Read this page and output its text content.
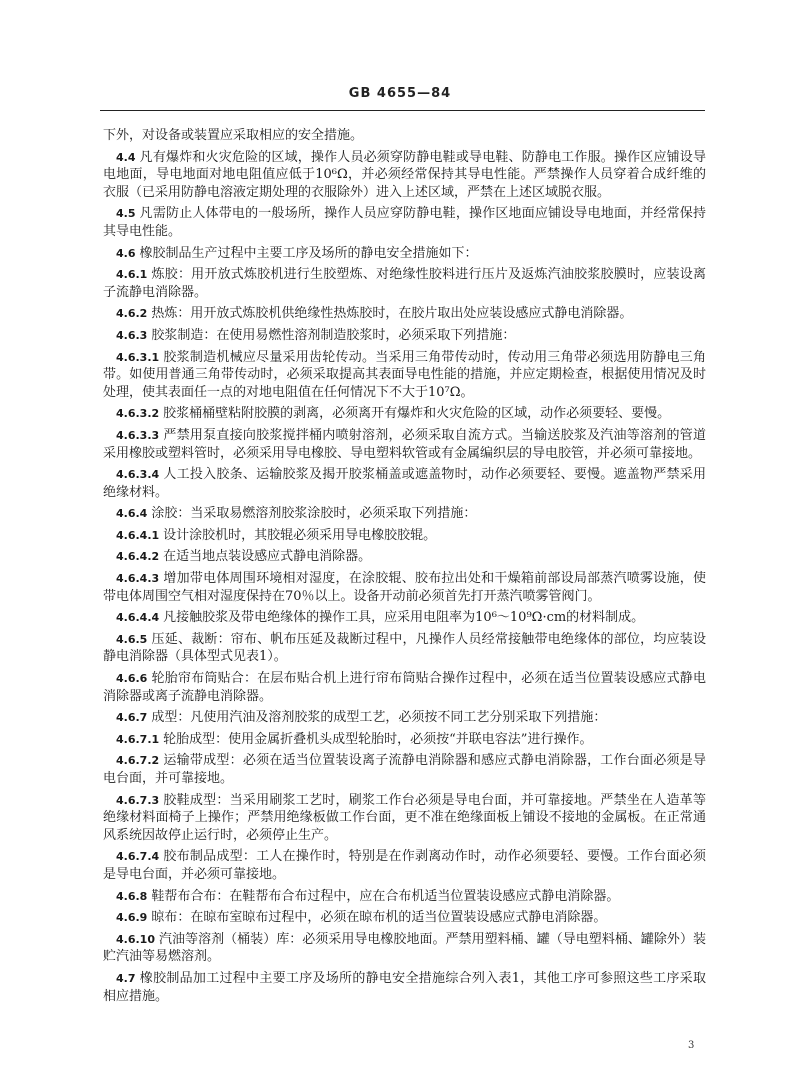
GB 4655—84

下外，对设备或装置应采取相应的安全措施。

4.4 凡有爆炸和火灾危险的区域，操作人员必须穿防静电鞋或导电鞋、防静电工作服。操作区应铺设导电地面，导电地面对地电阻值应低于10⁶Ω，并必须经常保持其导电性能。严禁操作人员穿着合成纤维的衣服（已采用防静电溶液定期处理的衣服除外）进入上述区域，严禁在上述区域脱衣服。

4.5 凡需防止人体带电的一般场所，操作人员应穿防静电鞋，操作区地面应铺设导电地面，并经常保持其导电性能。

4.6 橡胶制品生产过程中主要工序及场所的静电安全措施如下：

4.6.1 炼胶：用开放式炼胶机进行生胶塑炼、对绝缘性胶料进行压片及返炼汽油胶浆胶膜时，应装设离子流静电消除器。

4.6.2 热炼：用开放式炼胶机供绝缘性热炼胶时，在胶片取出处应装设感应式静电消除器。

4.6.3 胶浆制造：在使用易燃性溶剂制造胶浆时，必须采取下列措施：

4.6.3.1 胶浆制造机械应尽量采用齿轮传动。当采用三角带传动时，传动用三角带必须选用防静电三角带。如使用普通三角带传动时，必须采取提高其表面导电性能的措施，并应定期检查，根据使用情况及时处理，使其表面任一点的对地电阻值在任何情况下不大于10⁷Ω。

4.6.3.2 胶浆桶桶壁粘附胶膜的剥离，必须离开有爆炸和火灾危险的区域，动作必须要轻、要慢。

4.6.3.3 严禁用泵直接向胶浆搅拌桶内喷射溶剂，必须采取自流方式。当输送胶浆及汽油等溶剂的管道采用橡胶或塑料管时，必须采用导电橡胶、导电塑料软管或有金属编织层的导电胶管，并必须可靠接地。

4.6.3.4 人工投入胶条、运输胶浆及揭开胶浆桶盖或遮盖物时，动作必须要轻、要慢。遮盖物严禁采用绝缘材料。

4.6.4 涂胶：当采取易燃溶剂胶浆涂胶时，必须采取下列措施：

4.6.4.1 设计涂胶机时，其胶辊必须采用导电橡胶胶辊。

4.6.4.2 在适当地点装设感应式静电消除器。

4.6.4.3 增加带电体周围环境相对湿度，在涂胶辊、胶布拉出处和干燥箱前部设局部蒸汽喷雾设施，使带电体周围空气相对湿度保持在70％以上。设备开动前必须首先打开蒸汽喷雾管阀门。

4.6.4.4 凡接触胶浆及带电绝缘体的操作工具，应采用电阻率为10⁶～10⁹Ω·cm的材料制成。

4.6.5 压延、裁断：帘布、帆布压延及裁断过程中，凡操作人员经常接触带电绝缘体的部位，均应装设静电消除器（具体型式见表1）。

4.6.6 轮胎帘布筒贴合：在层布贴合机上进行帘布筒贴合操作过程中，必须在适当位置装设感应式静电消除器或离子流静电消除器。

4.6.7 成型：凡使用汽油及溶剂胶浆的成型工艺，必须按不同工艺分别采取下列措施：

4.6.7.1 轮胎成型：使用金属折叠机头成型轮胎时，必须按“并联电容法”进行操作。

4.6.7.2 运输带成型：必须在适当位置装设离子流静电消除器和感应式静电消除器，工作台面必须是导电台面，并可靠接地。

4.6.7.3 胶鞋成型：当采用刷浆工艺时，刷浆工作台必须是导电台面，并可靠接地。严禁坐在人造革等绝缘材料面椅子上操作；严禁用绝缘板做工作台面，更不准在绝缘面板上铺设不接地的金属板。在正常通风系统因故停止运行时，必须停止生产。

4.6.7.4 胶布制品成型：工人在操作时，特别是在作剥离动作时，动作必须要轻、要慢。工作台面必须是导电台面，并必须可靠接地。

4.6.8 鞋帮布合布：在鞋帮布合布过程中，应在合布机适当位置装设感应式静电消除器。

4.6.9 晾布：在晾布室晾布过程中，必须在晾布机的适当位置装设感应式静电消除器。

4.6.10 汽油等溶剂（桶装）库：必须采用导电橡胶地面。严禁用塑料桶、罐（导电塑料桶、罐除外）装贮汽油等易燃溶剂。

4.7 橡胶制品加工过程中主要工序及场所的静电安全措施综合列入表1，其他工序可参照这些工序采取相应措施。

3
